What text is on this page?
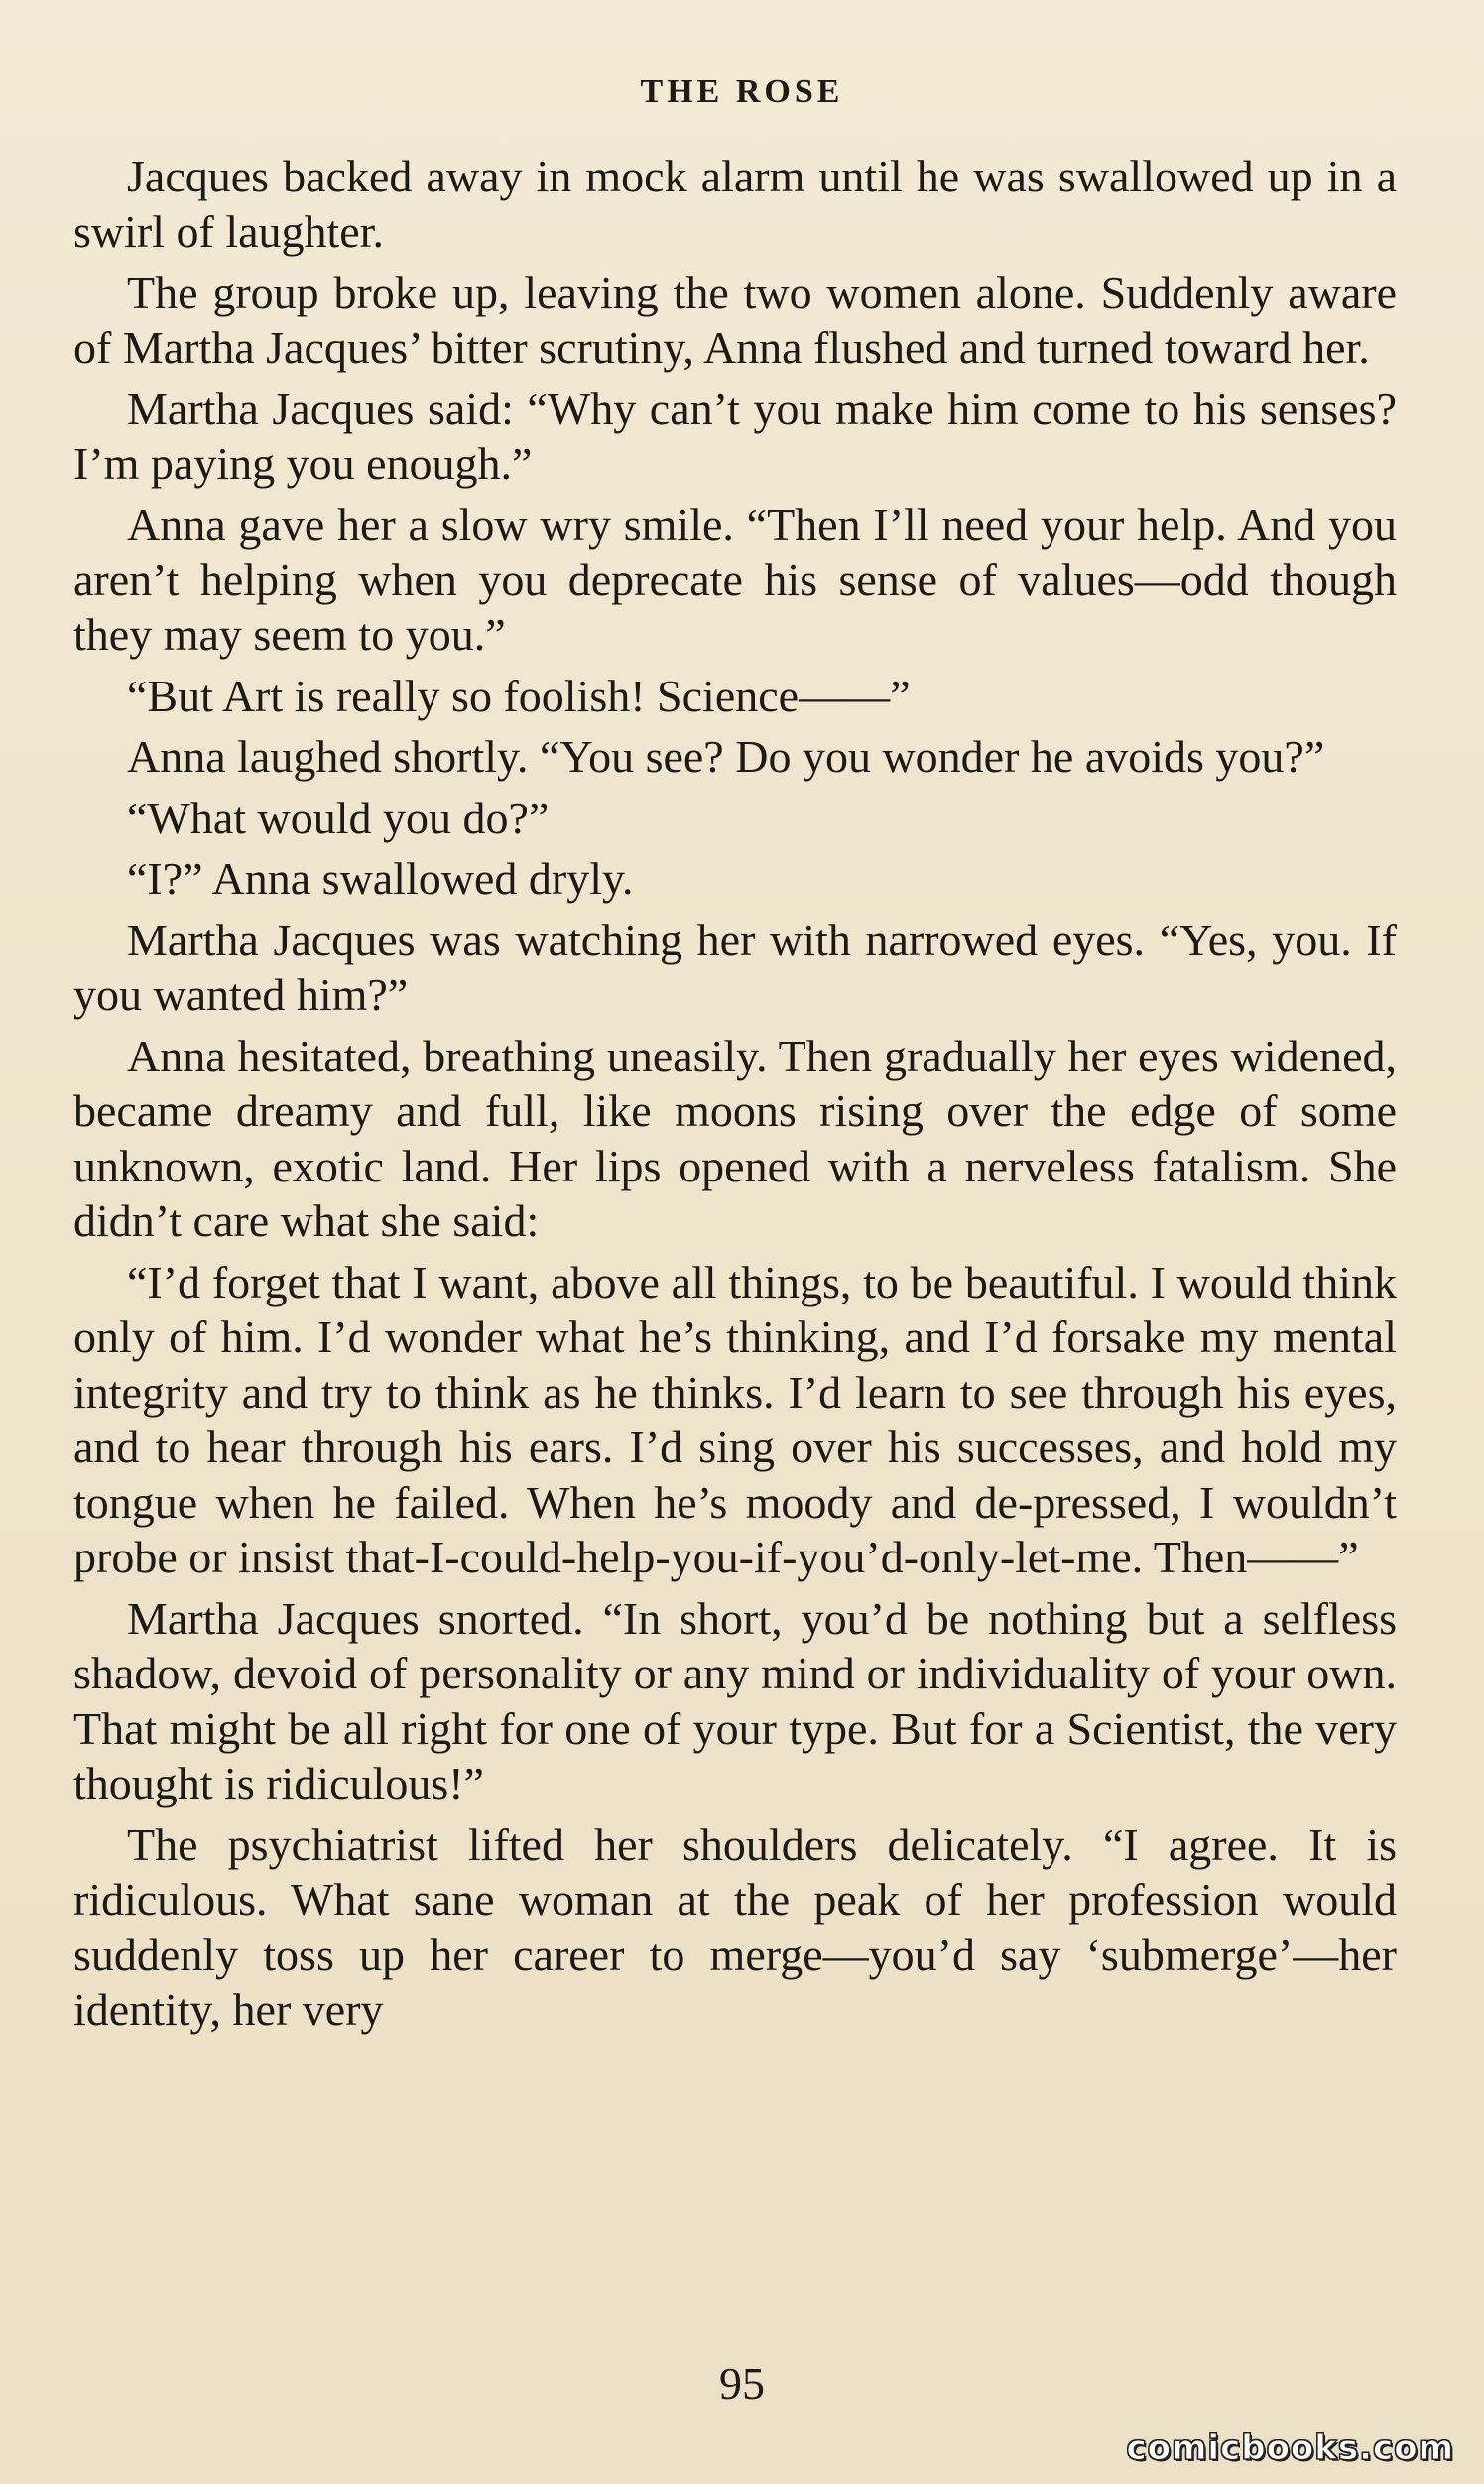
THE ROSE

Jacques backed away in mock alarm until he was swallowed up in a swirl of laughter.

The group broke up, leaving the two women alone. Suddenly aware of Martha Jacques’ bitter scrutiny, Anna flushed and turned toward her.

Martha Jacques said: “Why can’t you make him come to his senses? I’m paying you enough.”

Anna gave her a slow wry smile. “Then I’ll need your help. And you aren’t helping when you deprecate his sense of values—odd though they may seem to you.”

“But Art is really so foolish! Science——”

Anna laughed shortly. “You see? Do you wonder he avoids you?”

“What would you do?”

“I?” Anna swallowed dryly.

Martha Jacques was watching her with narrowed eyes. “Yes, you. If you wanted him?”

Anna hesitated, breathing uneasily. Then gradually her eyes widened, became dreamy and full, like moons rising over the edge of some unknown, exotic land. Her lips opened with a nerveless fatalism. She didn’t care what she said:

“I’d forget that I want, above all things, to be beautiful. I would think only of him. I’d wonder what he’s thinking, and I’d forsake my mental integrity and try to think as he thinks. I’d learn to see through his eyes, and to hear through his ears. I’d sing over his successes, and hold my tongue when he failed. When he’s moody and de-pressed, I wouldn’t probe or insist that-I-could-help-you-if-you’d-only-let-me. Then——”

Martha Jacques snorted. “In short, you’d be nothing but a selfless shadow, devoid of personality or any mind or individuality of your own. That might be all right for one of your type. But for a Scientist, the very thought is ridiculous!”

The psychiatrist lifted her shoulders delicately. “I agree. It is ridiculous. What sane woman at the peak of her profession would suddenly toss up her career to merge—you’d say ‘submerge’—her identity, her very

95
comicbooks.com
